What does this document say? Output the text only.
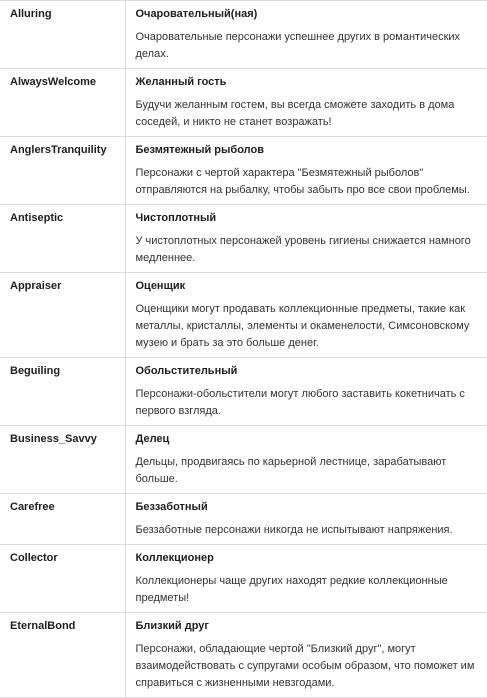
Alluring	Очаровательный(ная)
Очаровательные персонажи успешнее других в романтических делах.

AlwaysWelcome	Желанный гость
Будучи желанным гостем, вы всегда сможете заходить в дома соседей, и никто не станет возражать!

AnglersTranquility	Безмятежный рыболов
Персонажи с чертой характера "Безмятежный рыболов" отправляются на рыбалку, чтобы забыть про все свои проблемы.

Antiseptic	Чистоплотный
У чистоплотных персонажей уровень гигиены снижается намного медленнее.

Appraiser	Оценщик
Оценщики могут продавать коллекционные предметы, такие как металлы, кристаллы, элементы и окаменелости, Симсоновскому музею и брать за это больше денег.

Beguiling	Обольстительный
Персонажи-обольстители могут любого заставить кокетничать с первого взгляда.

Business_Savvy	Делец
Дельцы, продвигаясь по карьерной лестнице, зарабатывают больше.

Carefree	Беззаботный
Беззаботные персонажи никогда не испытывают напряжения.

Collector	Коллекционер
Коллекционеры чаще других находят редкие коллекционные предметы!

EternalBond	Близкий друг
Персонажи, обладающие чертой "Близкий друг", могут взаимодействовать с супругами особым образом, что поможет им справиться с жизненными невзгодами.
